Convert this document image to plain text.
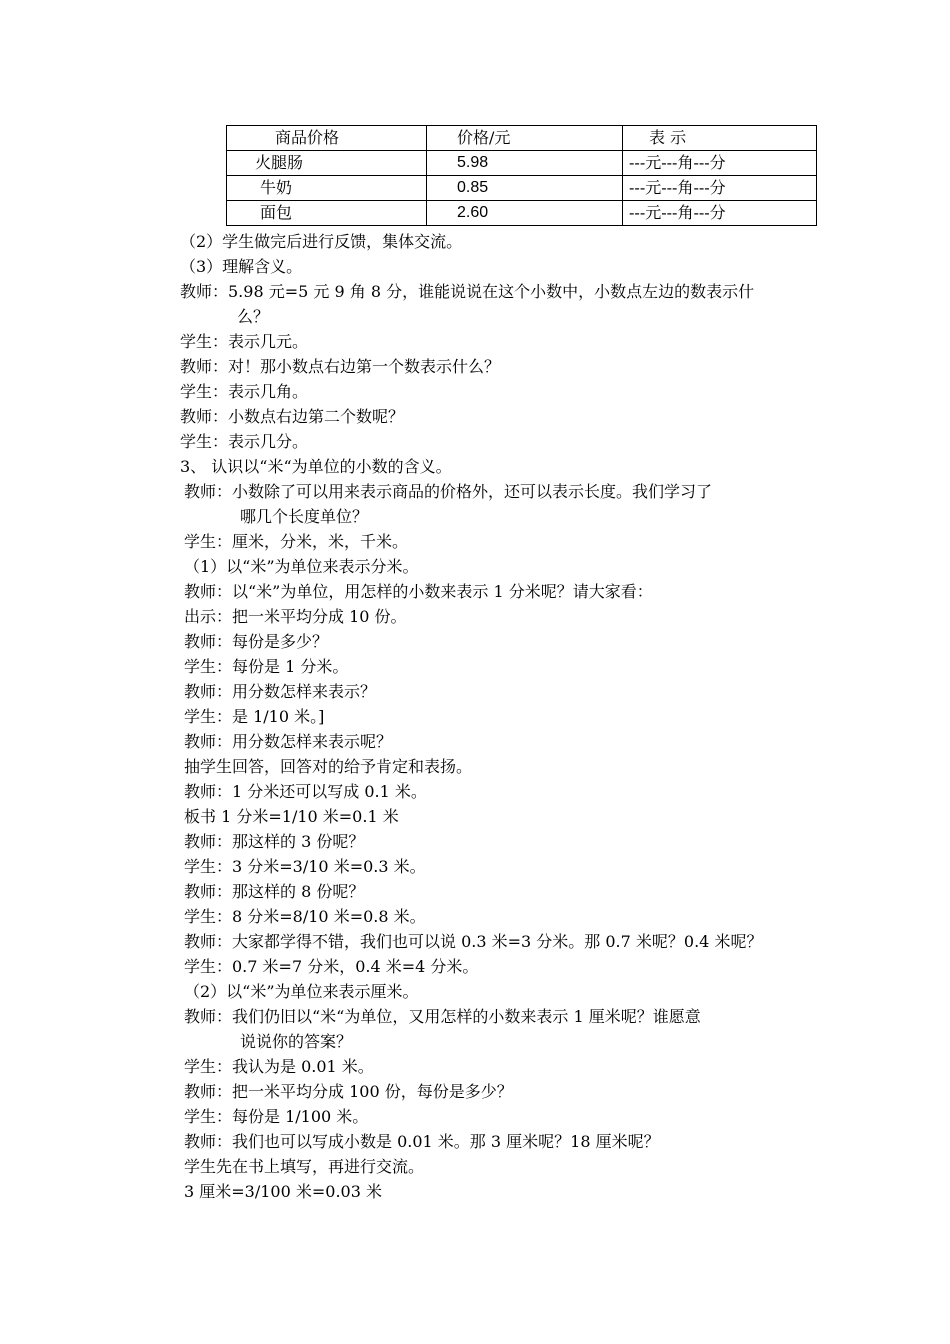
商品价格	价格/元	表 示
火腿肠	5.98	---元---角---分
牛奶	0.85	---元---角---分
面包	2.60	---元---角---分
（2）学生做完后进行反馈，集体交流。
（3）理解含义。
教师：5.98 元=5 元 9 角 8 分，谁能说说在这个小数中，小数点左边的数表示什
么？
学生：表示几元。
教师：对！那小数点右边第一个数表示什么？
学生：表示几角。
教师：小数点右边第二个数呢？
学生：表示几分。
3、 认识以“米“为单位的小数的含义。
教师：小数除了可以用来表示商品的价格外，还可以表示长度。我们学习了
哪几个长度单位？
学生：厘米，分米，米，千米。
（1）以“米”为单位来表示分米。
教师：以“米”为单位，用怎样的小数来表示 1 分米呢？请大家看：
出示：把一米平均分成 10 份。
教师：每份是多少？
学生：每份是 1 分米。
教师：用分数怎样来表示？
学生：是 1/10 米。]
教师：用分数怎样来表示呢？
抽学生回答，回答对的给予肯定和表扬。
教师：1 分米还可以写成 0.1 米。
板书 1 分米=1/10 米=0.1 米
教师：那这样的 3 份呢？
学生：3 分米=3/10 米=0.3 米。
教师：那这样的 8 份呢？
学生：8 分米=8/10 米=0.8 米。
教师：大家都学得不错，我们也可以说 0.3 米=3 分米。那 0.7 米呢？0.4 米呢？
学生：0.7 米=7 分米，0.4 米=4 分米。
（2）以“米”为单位来表示厘米。
教师：我们仍旧以“米“为单位，又用怎样的小数来表示 1 厘米呢？谁愿意
说说你的答案？
学生：我认为是 0.01 米。
教师：把一米平均分成 100 份，每份是多少？
学生：每份是 1/100 米。
教师：我们也可以写成小数是 0.01 米。那 3 厘米呢？18 厘米呢？
学生先在书上填写，再进行交流。
3 厘米=3/100 米=0.03 米
